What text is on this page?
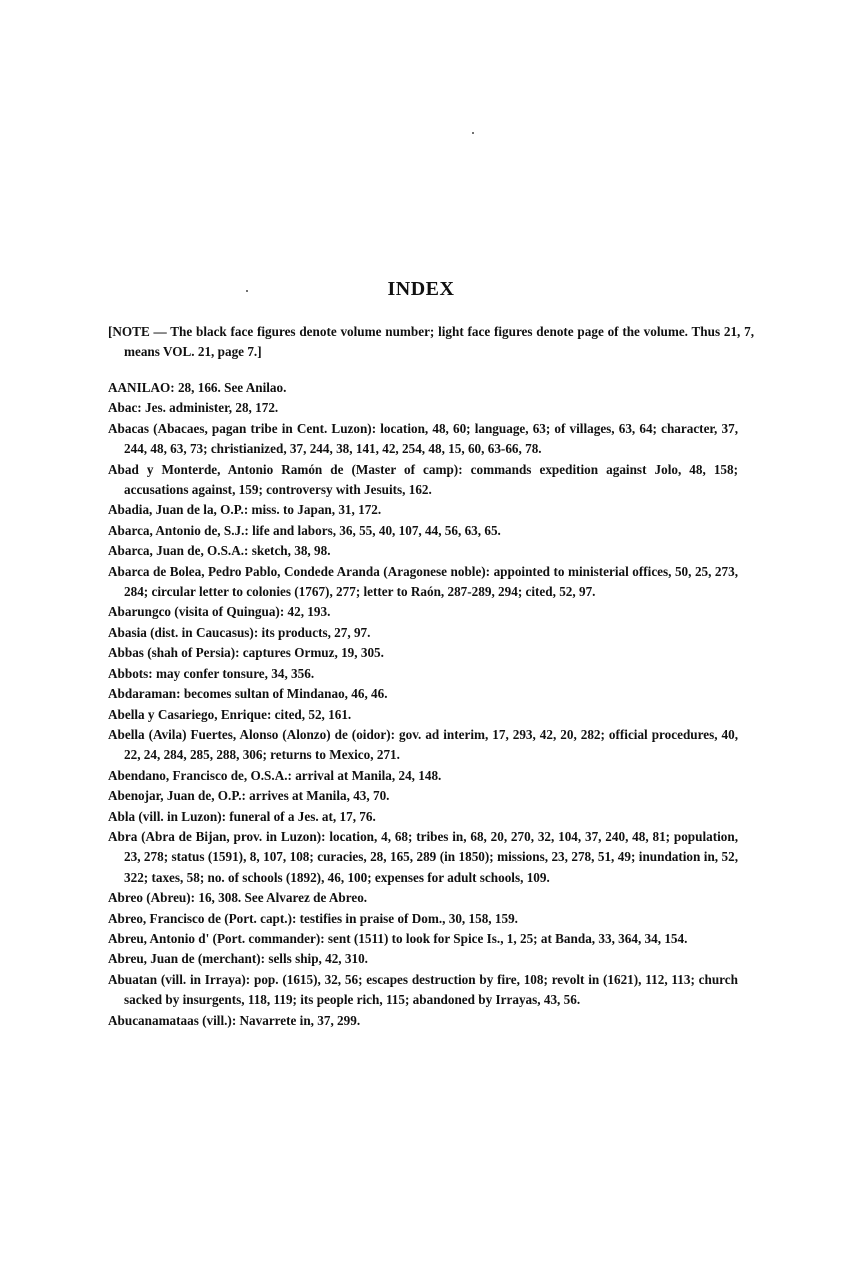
INDEX
[NOTE — The black face figures denote volume number; light face figures denote page of the volume. Thus 21, 7, means VOL. 21, page 7.]
AANILAO: 28, 166. See Anilao.
Abac: Jes. administer, 28, 172.
Abacas (Abacaes, pagan tribe in Cent. Luzon): location, 48, 60; language, 63; of villages, 63, 64; character, 37, 244, 48, 63, 73; christianized, 37, 244, 38, 141, 42, 254, 48, 15, 60, 63-66, 78.
Abad y Monterde, Antonio Ramón de (Master of camp): commands expedition against Jolo, 48, 158; accusations against, 159; controversy with Jesuits, 162.
Abadia, Juan de la, O.P.: miss. to Japan, 31, 172.
Abarca, Antonio de, S.J.: life and labors, 36, 55, 40, 107, 44, 56, 63, 65.
Abarca, Juan de, O.S.A.: sketch, 38, 98.
Abarca de Bolea, Pedro Pablo, Condede Aranda (Aragonese noble): appointed to ministerial offices, 50, 25, 273, 284; circular letter to colonies (1767), 277; letter to Raón, 287-289, 294; cited, 52, 97.
Abarungco (visita of Quingua): 42, 193.
Abasia (dist. in Caucasus): its products, 27, 97.
Abbas (shah of Persia): captures Ormuz, 19, 305.
Abbots: may confer tonsure, 34, 356.
Abdaraman: becomes sultan of Mindanao, 46, 46.
Abella y Casariego, Enrique: cited, 52, 161.
Abella (Avila) Fuertes, Alonso (Alonzo) de (oidor): gov. ad interim, 17, 293, 42, 20, 282; official procedures, 40, 22, 24, 284, 285, 288, 306; returns to Mexico, 271.
Abendano, Francisco de, O.S.A.: arrival at Manila, 24, 148.
Abenojar, Juan de, O.P.: arrives at Manila, 43, 70.
Abla (vill. in Luzon): funeral of a Jes. at, 17, 76.
Abra (Abra de Bijan, prov. in Luzon): location, 4, 68; tribes in, 68, 20, 270, 32, 104, 37, 240, 48, 81; population, 23, 278; status (1591), 8, 107, 108; curacies, 28, 165, 289 (in 1850); missions, 23, 278, 51, 49; inundation in, 52, 322; taxes, 58; no. of schools (1892), 46, 100; expenses for adult schools, 109.
Abreo (Abreu): 16, 308. See Alvarez de Abreo.
Abreo, Francisco de (Port. capt.): testifies in praise of Dom., 30, 158, 159.
Abreu, Antonio d' (Port. commander): sent (1511) to look for Spice Is., 1, 25; at Banda, 33, 364, 34, 154.
Abreu, Juan de (merchant): sells ship, 42, 310.
Abuatan (vill. in Irraya): pop. (1615), 32, 56; escapes destruction by fire, 108; revolt in (1621), 112, 113; church sacked by insurgents, 118, 119; its people rich, 115; abandoned by Irrayas, 43, 56.
Abucanamataas (vill.): Navarrete in, 37, 299.
